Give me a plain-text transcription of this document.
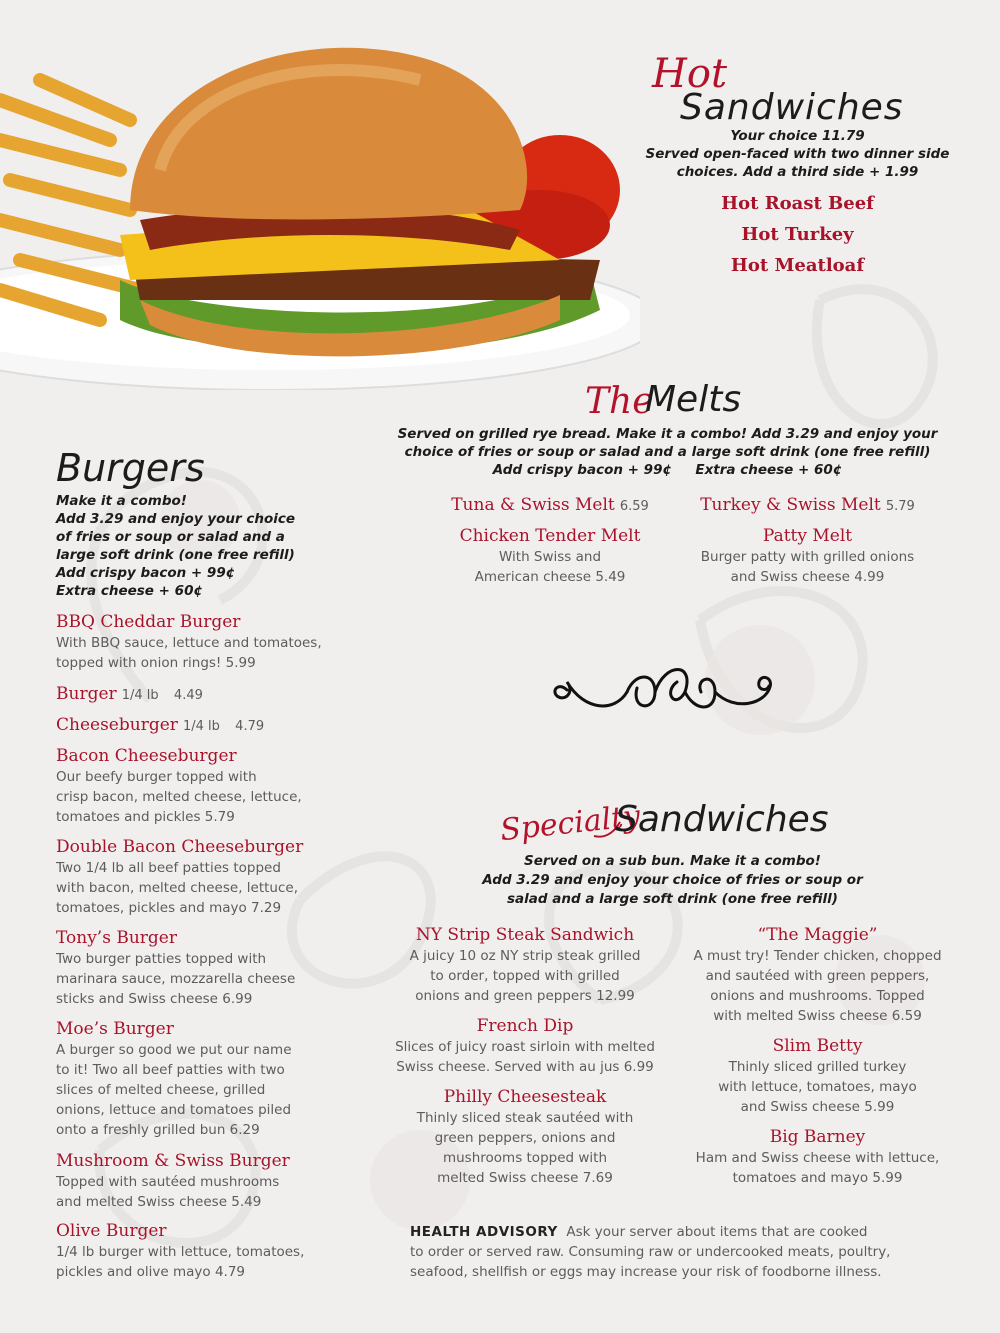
Hot
Sandwiches
Your choice 11.79
Served open-faced with two dinner side
choices. Add a third side + 1.99
Hot Roast Beef
Hot Turkey
Hot Meatloaf
The
Melts
Served on grilled rye bread. Make it a combo! Add 3.29 and enjoy your
choice of fries or soup or salad and a large soft drink (one free refill)
Add crispy bacon + 99¢     Extra cheese + 60¢
Tuna & Swiss Melt 6.59	Turkey & Swiss Melt 5.79
Chicken Tender Melt
With Swiss and
American cheese 5.49
Patty Melt
Burger patty with grilled onions
and Swiss cheese 4.99
Burgers
Make it a combo!
Add 3.29 and enjoy your choice
of fries or soup or salad and a
large soft drink (one free refill)
Add crispy bacon + 99¢
Extra cheese + 60¢
BBQ Cheddar Burger
With BBQ sauce, lettuce and tomatoes,
topped with onion rings! 5.99
Burger 1/4 lb 4.49
Cheeseburger 1/4 lb 4.79
Bacon Cheeseburger
Our beefy burger topped with
crisp bacon, melted cheese, lettuce,
tomatoes and pickles 5.79
Double Bacon Cheeseburger
Two 1/4 lb all beef patties topped
with bacon, melted cheese, lettuce,
tomatoes, pickles and mayo 7.29
Tony’s Burger
Two burger patties topped with
marinara sauce, mozzarella cheese
sticks and Swiss cheese 6.99
Moe’s Burger
A burger so good we put our name
to it! Two all beef patties with two
slices of melted cheese, grilled
onions, lettuce and tomatoes piled
onto a freshly grilled bun 6.29
Mushroom & Swiss Burger
Topped with sautéed mushrooms
and melted Swiss cheese 5.49
Olive Burger
1/4 lb burger with lettuce, tomatoes,
pickles and olive mayo 4.79
Specialty
Sandwiches
Served on a sub bun. Make it a combo!
Add 3.29 and enjoy your choice of fries or soup or
salad and a large soft drink (one free refill)
NY Strip Steak Sandwich
A juicy 10 oz NY strip steak grilled
to order, topped with grilled
onions and green peppers 12.99
French Dip
Slices of juicy roast sirloin with melted
Swiss cheese. Served with au jus 6.99
Philly Cheesesteak
Thinly sliced steak sautéed with
green peppers, onions and
mushrooms topped with
melted Swiss cheese 7.69
“The Maggie”
A must try! Tender chicken, chopped
and sautéed with green peppers,
onions and mushrooms. Topped
with melted Swiss cheese 6.59
Slim Betty
Thinly sliced grilled turkey
with lettuce, tomatoes, mayo
and Swiss cheese 5.99
Big Barney
Ham and Swiss cheese with lettuce,
tomatoes and mayo 5.99
HEALTH ADVISORY Ask your server about items that are cooked
to order or served raw. Consuming raw or undercooked meats, poultry,
seafood, shellfish or eggs may increase your risk of foodborne illness.
